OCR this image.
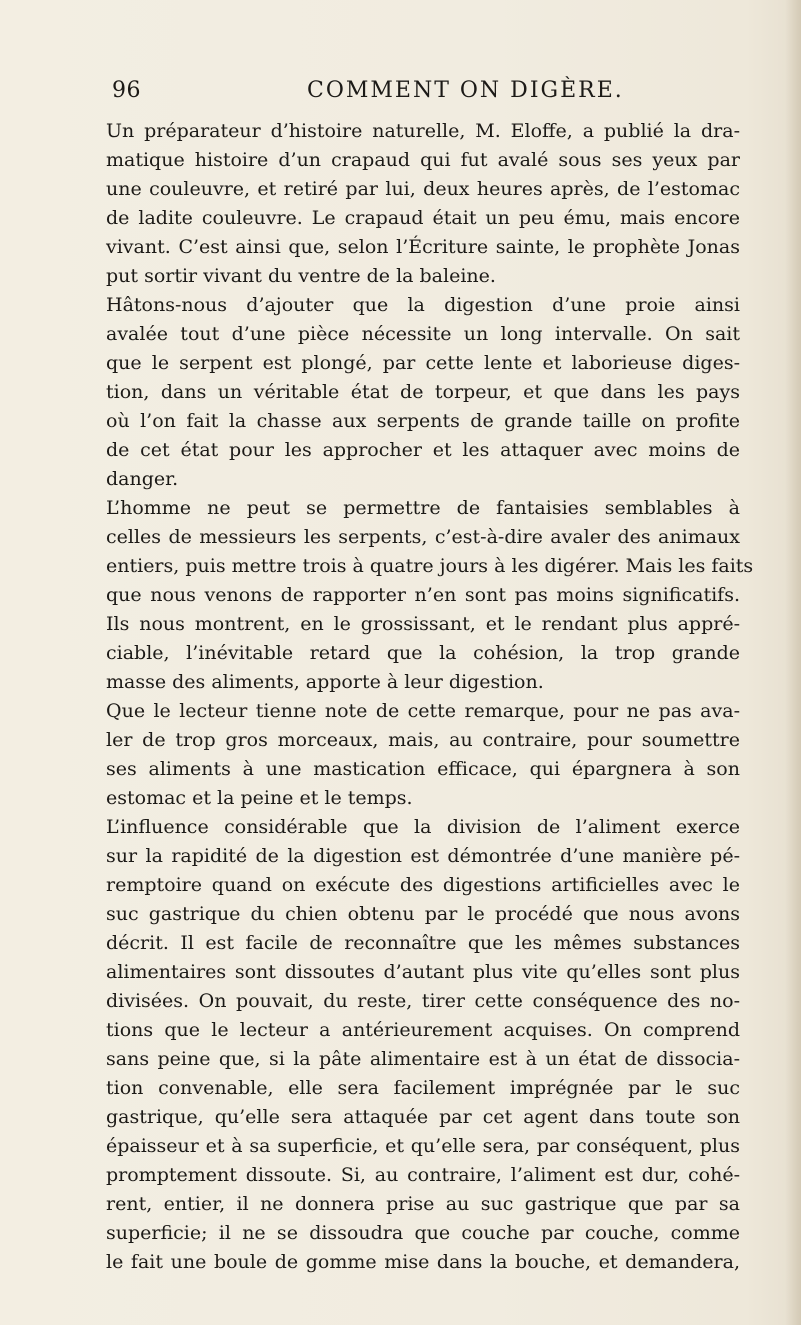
96	COMMENT ON DIGÈRE.
Un préparateur d’histoire naturelle, M. Eloffe, a publié la dra-
matique histoire d’un crapaud qui fut avalé sous ses yeux par
une couleuvre, et retiré par lui, deux heures après, de l’estomac
de ladite couleuvre. Le crapaud était un peu ému, mais encore
vivant. C’est ainsi que, selon l’Écriture sainte, le prophète Jonas
put sortir vivant du ventre de la baleine.
Hâtons-nous d’ajouter que la digestion d’une proie ainsi
avalée tout d’une pièce nécessite un long intervalle. On sait
que le serpent est plongé, par cette lente et laborieuse diges-
tion, dans un véritable état de torpeur, et que dans les pays
où l’on fait la chasse aux serpents de grande taille on profite
de cet état pour les approcher et les attaquer avec moins de
danger.
L’homme ne peut se permettre de fantaisies semblables à
celles de messieurs les serpents, c’est-à-dire avaler des animaux
entiers, puis mettre trois à quatre jours à les digérer. Mais les faits
que nous venons de rapporter n’en sont pas moins significatifs.
Ils nous montrent, en le grossissant, et le rendant plus appré-
ciable, l’inévitable retard que la cohésion, la trop grande
masse des aliments, apporte à leur digestion.
Que le lecteur tienne note de cette remarque, pour ne pas ava-
ler de trop gros morceaux, mais, au contraire, pour soumettre
ses aliments à une mastication efficace, qui épargnera à son
estomac et la peine et le temps.
L’influence considérable que la division de l’aliment exerce
sur la rapidité de la digestion est démontrée d’une manière pé-
remptoire quand on exécute des digestions artificielles avec le
suc gastrique du chien obtenu par le procédé que nous avons
décrit. Il est facile de reconnaître que les mêmes substances
alimentaires sont dissoutes d’autant plus vite qu’elles sont plus
divisées. On pouvait, du reste, tirer cette conséquence des no-
tions que le lecteur a antérieurement acquises. On comprend
sans peine que, si la pâte alimentaire est à un état de dissocia-
tion convenable, elle sera facilement imprégnée par le suc
gastrique, qu’elle sera attaquée par cet agent dans toute son
épaisseur et à sa superficie, et qu’elle sera, par conséquent, plus
promptement dissoute. Si, au contraire, l’aliment est dur, cohé-
rent, entier, il ne donnera prise au suc gastrique que par sa
superficie; il ne se dissoudra que couche par couche, comme
le fait une boule de gomme mise dans la bouche, et demandera,
